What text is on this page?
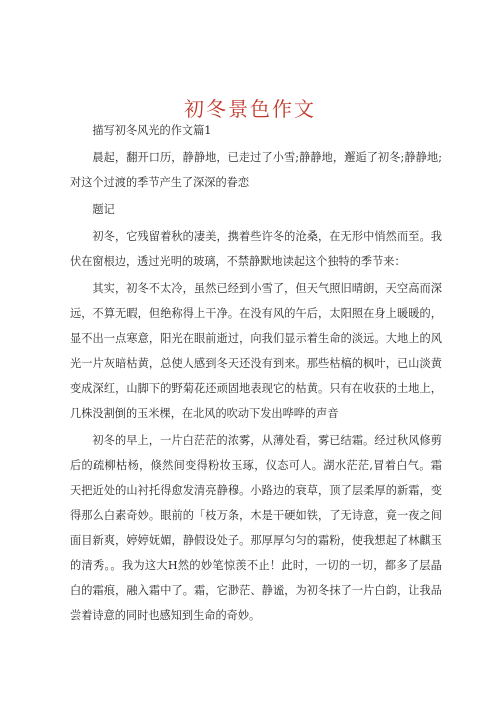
初冬景色作文

描写初冬风光的作文篇1

晨起，翻开口历，静静地，已走过了小雪;静静地，邂逅了初冬;静静地;对这个过渡的季节产生了深深的眷恋

题记

初冬，它残留着秋的凄美，携着些许冬的沧桑，在无形中悄然而至。我伏在窗根边，透过光明的玻璃，不禁静默地读起这个独特的季节来：

其实，初冬不太冷，虽然已经到小雪了，但天气照旧晴朗，天空高而深远，不算无暇，但绝称得上干净。在没有风的午后，太阳照在身上暖暖的，显不出一点寒意，阳光在眼前逝过，向我们显示着生命的淡远。大地上的风光一片灰暗枯黄，总使人感到冬天还没有到来。那些枯槁的枫叶，已山淡黄变成深红，山脚下的野菊花还顽固地表现它的枯黄。只有在收获的土地上，几株没割倒的玉米棵，在北风的吹动下发出哗哗的声音

初冬的早上，一片白茫茫的浓雾，从薄处看，雾已结霜。经过秋风修剪后的疏柳枯杨，倏然间变得粉妆玉琢，仪态可人。湖水茫茫,冒着白气。霜天把近处的山衬托得愈发清亮静穆。小路边的衰草，顶了层柔厚的新霜，变得那么白素奇妙。眼前的「枝万条，木是干硬如铁，了无诗意，竟一夜之间面目新爽，婷婷妩媚，静假设处子。那厚厚匀匀的霜粉，使我想起了林麒玉的清秀。。我为这大H然的妙笔惊羡不止！此时，一切的一切，都多了层晶白的霜痕，融入霜中了。霜，它渺茫、静谧，为初冬抹了一片白韵，让我品尝着诗意的同时也感知到生命的奇妙。
